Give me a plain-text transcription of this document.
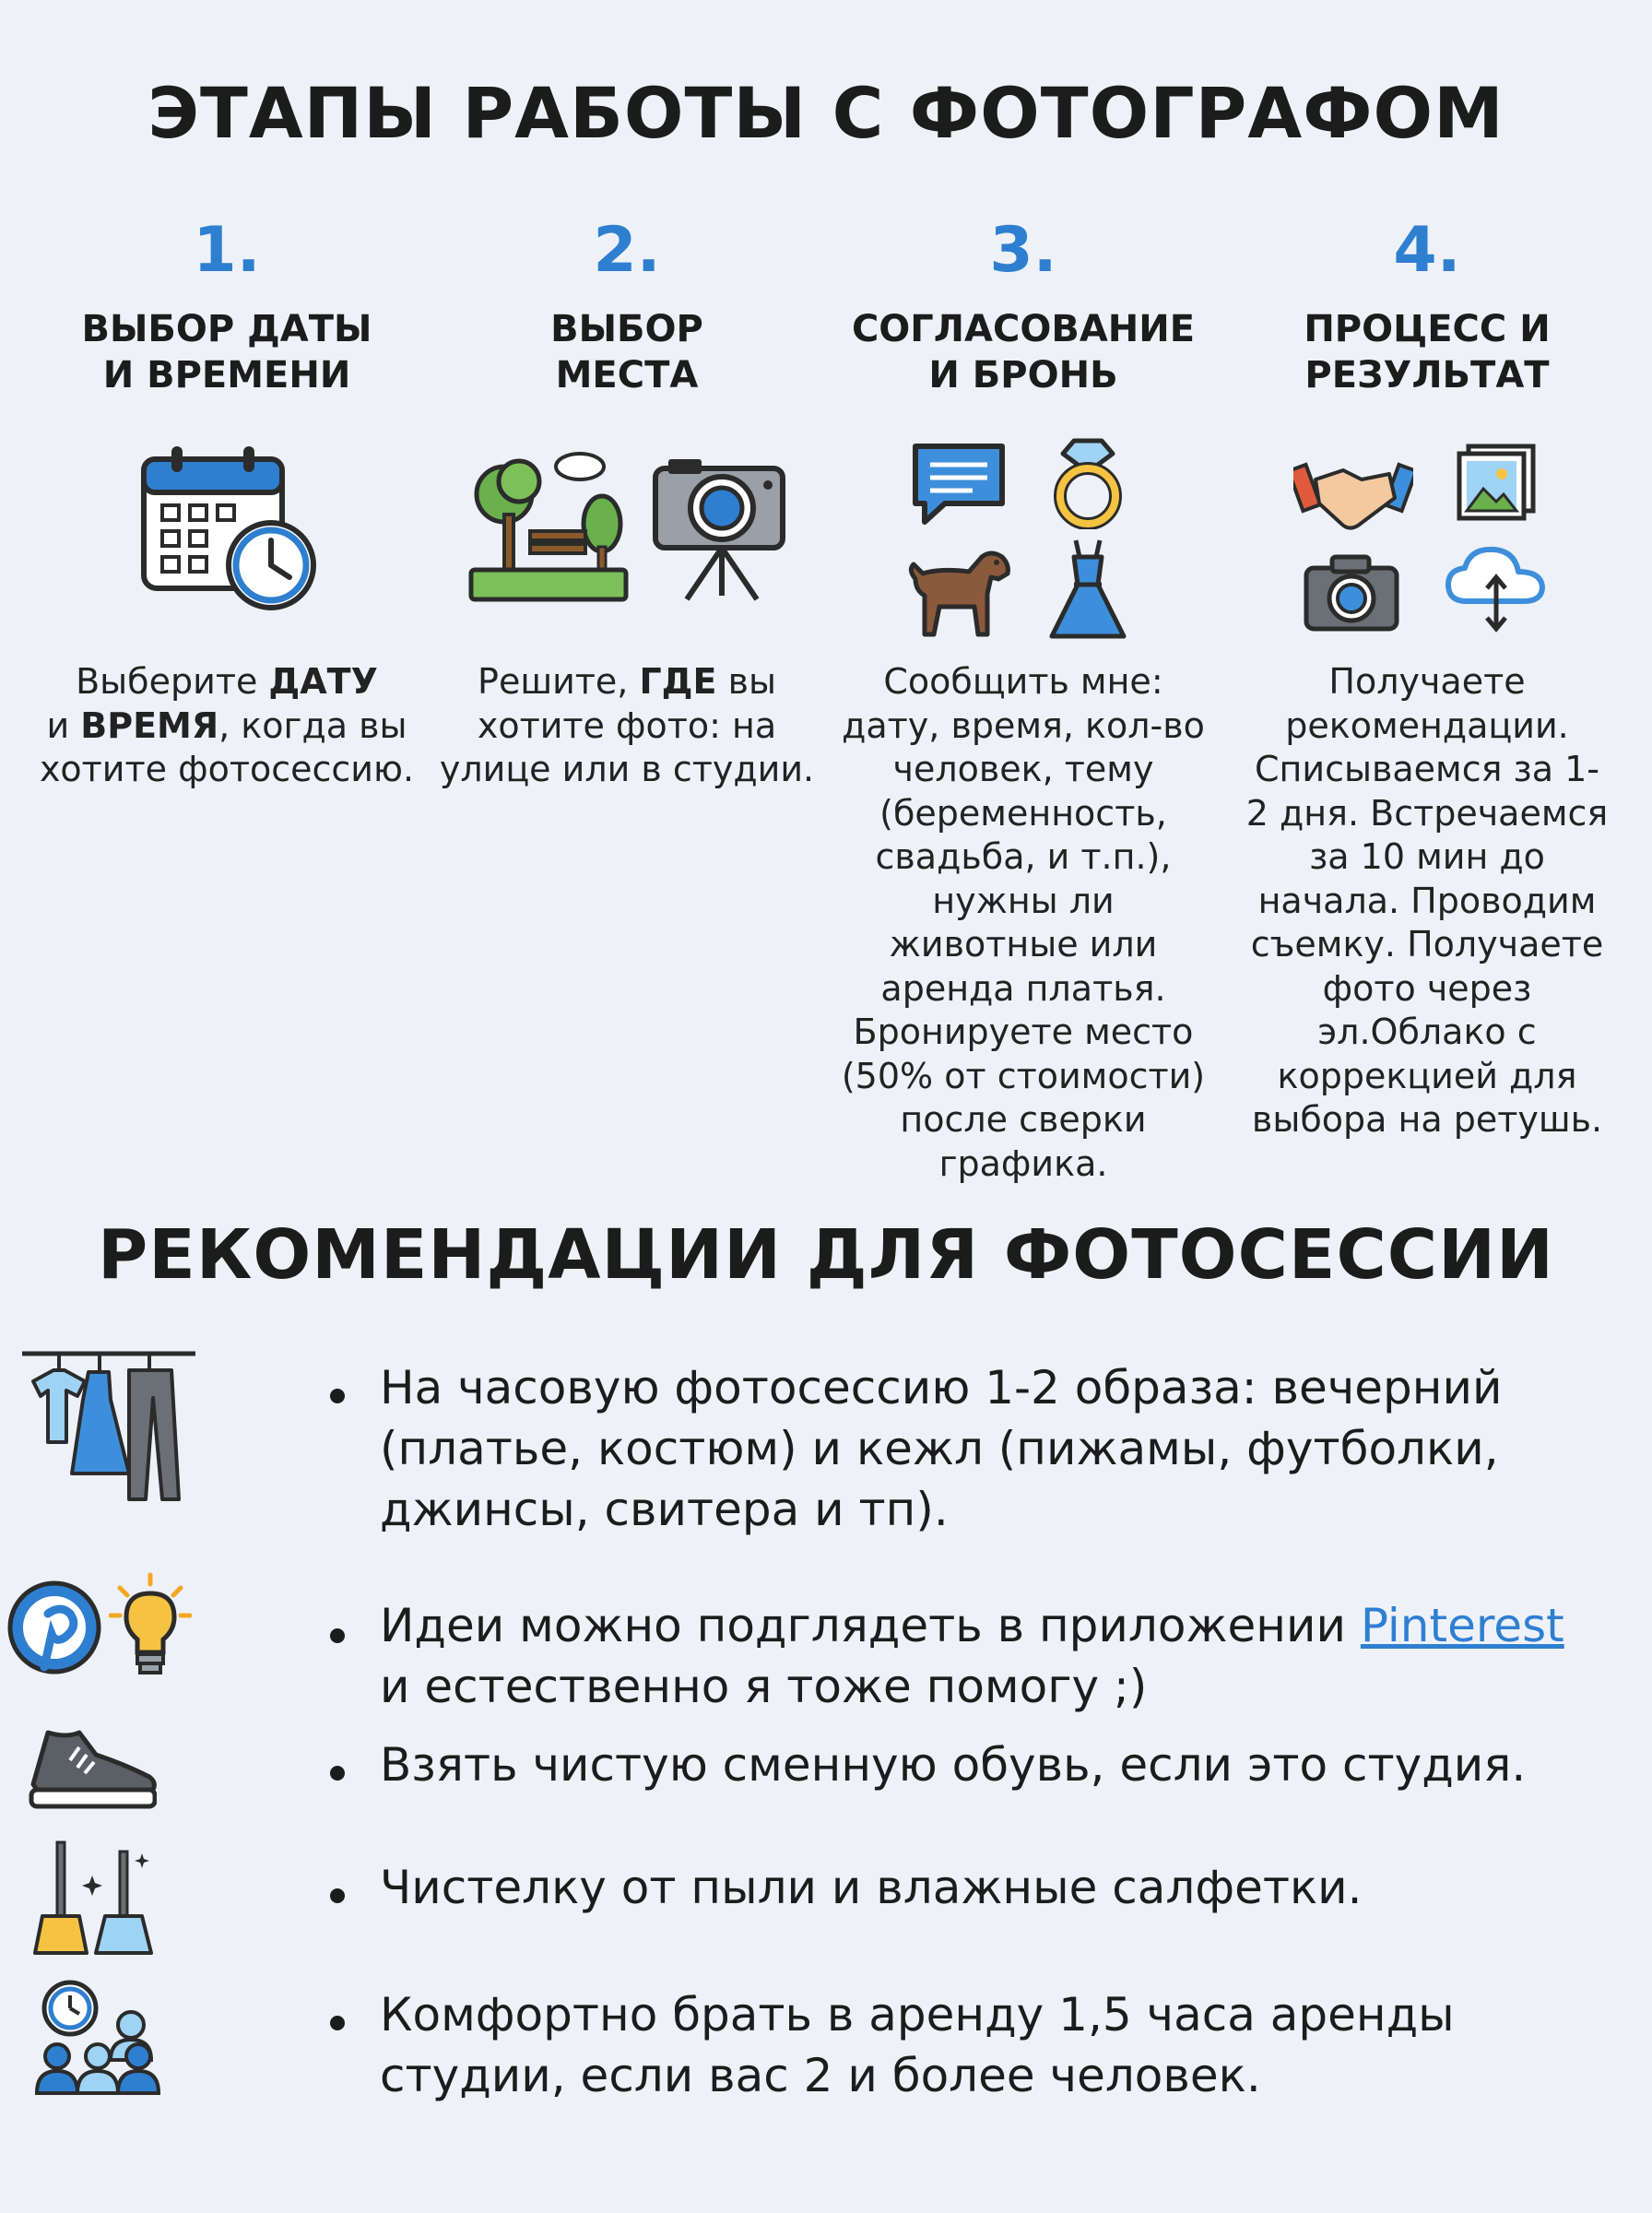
ЭТАПЫ РАБОТЫ С ФОТОГРАФОМ
1.
ВЫБОР ДАТЫ
И ВРЕМЕНИ
Выберите ДАТУ
и ВРЕМЯ, когда вы хотите фотосессию.
2.
ВЫБОР
МЕСТА

Решите, ГДЕ вы хотите фото: на улице или в студии.
3.
СОГЛАСОВАНИЕ
И БРОНЬ
Сообщить мне: дату, время, кол-во человек, тему (беременность, свадьба, и т.п.), нужны ли животные или аренда платья. Бронируете место (50% от стоимости) после сверки графика.
4.
ПРОЦЕСС И
РЕЗУЛЬТАТ
Получаете рекомендации. Списываемся за 1-2 дня. Встречаемся за 10 мин до начала. Проводим съемку. Получаете фото через эл.Облако с коррекцией для выбора на ретушь.
РЕКОМЕНДАЦИИ ДЛЯ ФОТОСЕССИИ
На часовую фотосессию 1-2 образа: вечерний (платье, костюм) и кежл (пижамы, футболки, джинсы, свитера и тп).
Идеи можно подглядеть в приложении Pinterest и естественно я тоже помогу ;)
Взять чистую сменную обувь, если это студия.
Чистелку от пыли и влажные салфетки.
Комфортно брать в аренду 1,5 часа аренды студии, если вас 2 и более человек.
